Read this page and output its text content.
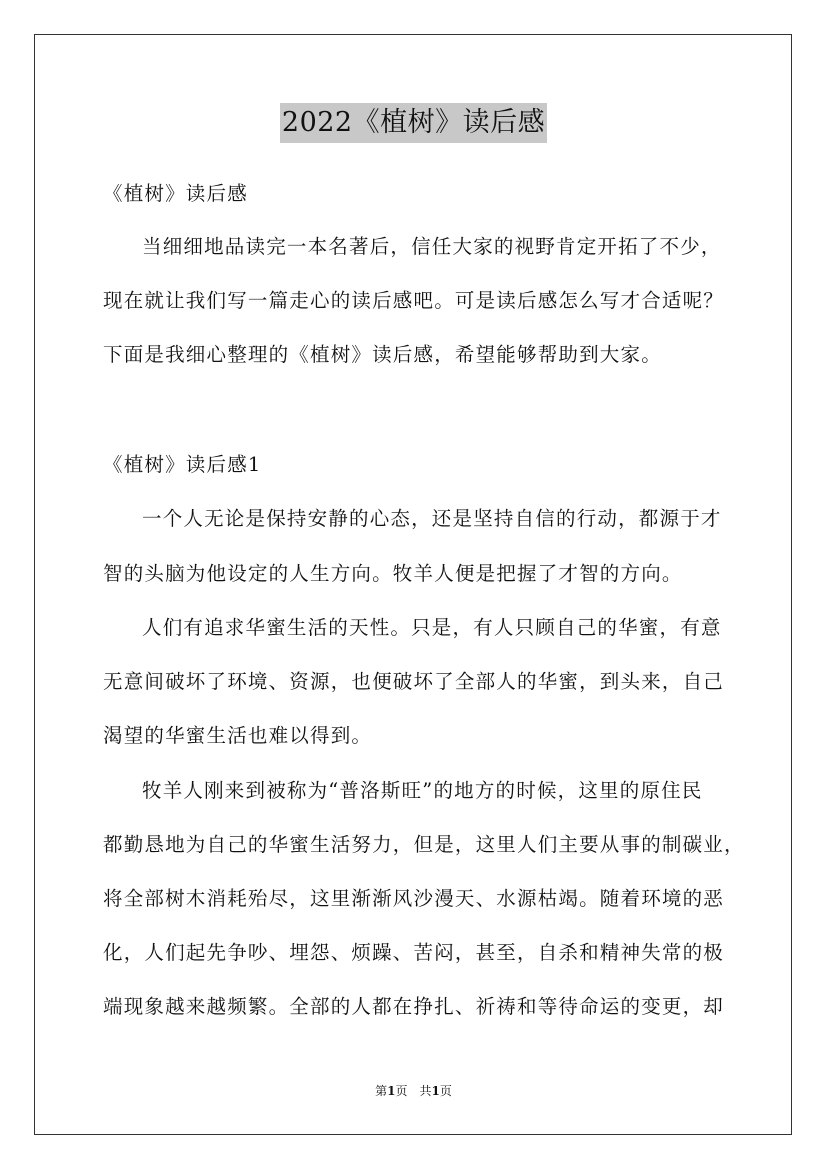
2022《植树》读后感
《植树》读后感
当细细地品读完一本名著后，信任大家的视野肯定开拓了不少，
现在就让我们写一篇走心的读后感吧。可是读后感怎么写才合适呢？
下面是我细心整理的《植树》读后感，希望能够帮助到大家。
《植树》读后感1
一个人无论是保持安静的心态，还是坚持自信的行动，都源于才
智的头脑为他设定的人生方向。牧羊人便是把握了才智的方向。
人们有追求华蜜生活的天性。只是，有人只顾自己的华蜜，有意
无意间破坏了环境、资源，也便破坏了全部人的华蜜，到头来，自己
渴望的华蜜生活也难以得到。
牧羊人刚来到被称为“普洛斯旺”的地方的时候，这里的原住民
都勤恳地为自己的华蜜生活努力，但是，这里人们主要从事的制碳业，
将全部树木消耗殆尽，这里渐渐风沙漫天、水源枯竭。随着环境的恶
化，人们起先争吵、埋怨、烦躁、苦闷，甚至，自杀和精神失常的极
端现象越来越频繁。全部的人都在挣扎、祈祷和等待命运的变更，却
第1页　共1页
